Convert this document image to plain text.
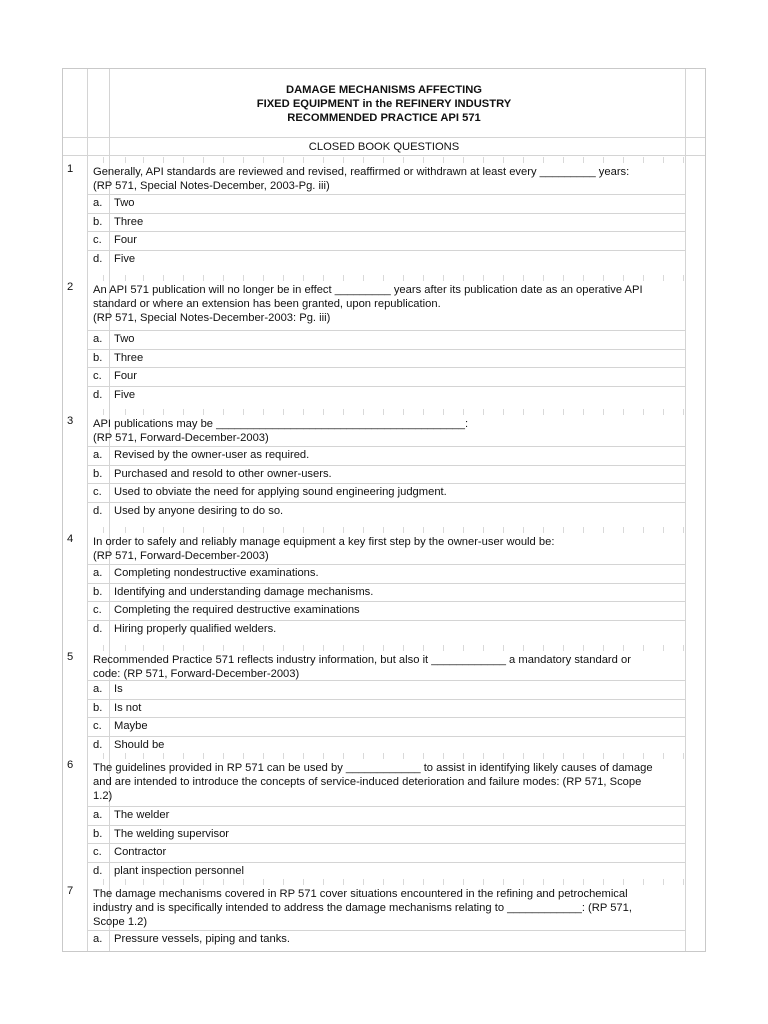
DAMAGE MECHANISMS AFFECTING
FIXED EQUIPMENT in the REFINERY INDUSTRY
RECOMMENDED PRACTICE API 571
CLOSED BOOK QUESTIONS
1 Generally, API standards are reviewed and revised, reaffirmed or withdrawn at least every _________ years:
(RP 571, Special Notes-December, 2003-Pg. iii)
a.	Two
b.	Three
c.	Four
d.	Five
2 An API 571 publication will no longer be in effect _________ years after its publication date as an operative API
standard or where an extension has been granted, upon republication.
(RP 571, Special Notes-December-2003: Pg. iii)
a.	Two
b.	Three
c.	Four
d.	Five
3 API publications may be ________________________________________:
(RP 571, Forward-December-2003)
a.	Revised by the owner-user as required.
b.	Purchased and resold to other owner-users.
c.	Used to obviate the need for applying sound engineering judgment.
d.	Used by anyone desiring to do so.
4 In order to safely and reliably manage equipment a key first step by the owner-user would be:
(RP 571, Forward-December-2003)
a.	Completing nondestructive examinations.
b.	Identifying and understanding damage mechanisms.
c.	Completing the required destructive examinations
d.	Hiring properly qualified welders.
5 Recommended Practice 571 reflects industry information, but also it ____________ a mandatory standard or
code: (RP 571, Forward-December-2003)
a.	Is
b.	Is not
c.	Maybe
d.	Should be
6 The guidelines provided in RP 571 can be used by ____________ to assist in identifying likely causes of damage
and are intended to introduce the concepts of service-induced deterioration and failure modes: (RP 571, Scope
1.2)
a.	The welder
b.	The welding supervisor
c.	Contractor
d.	plant inspection personnel
7 The damage mechanisms covered in RP 571 cover situations encountered in the refining and petrochemical
industry and is specifically intended to address the damage mechanisms relating to ____________: (RP 571,
Scope 1.2)
a.	Pressure vessels, piping and tanks.
